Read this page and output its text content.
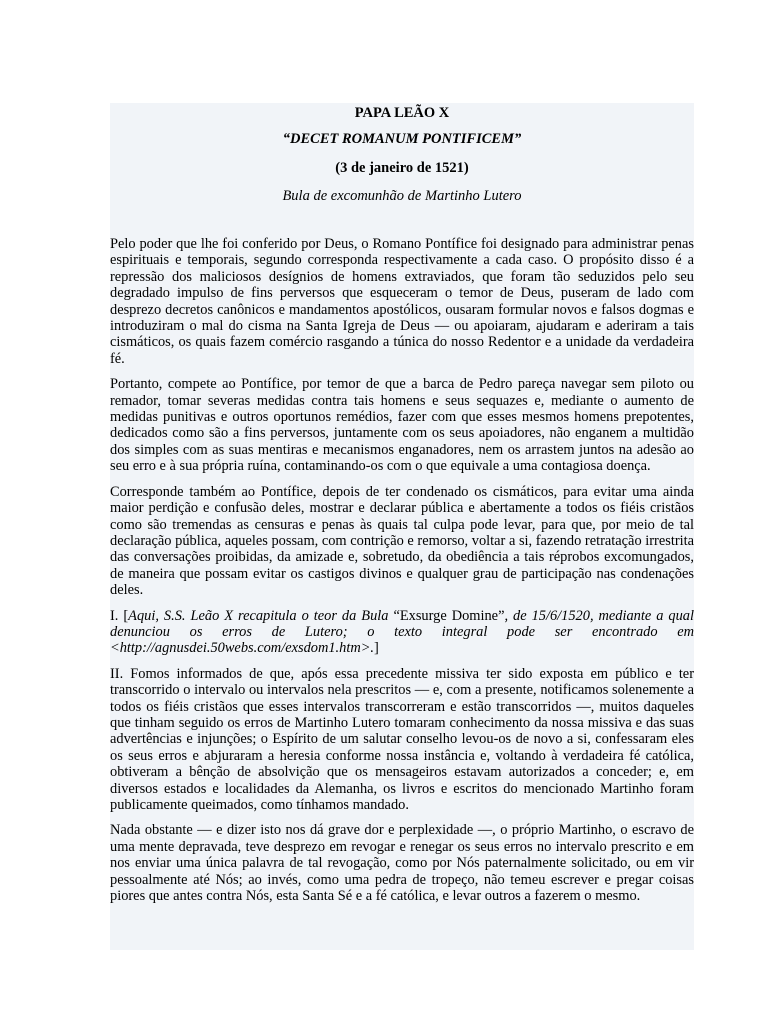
PAPA LEÃO X

“DECET ROMANUM PONTIFICEM”

(3 de janeiro de 1521)

Bula de excomunhão de Martinho Lutero

Pelo poder que lhe foi conferido por Deus, o Romano Pontífice foi designado para administrar penas espirituais e temporais, segundo corresponda respectivamente a cada caso. O propósito disso é a repressão dos maliciosos desígnios de homens extraviados, que foram tão seduzidos pelo seu degradado impulso de fins perversos que esqueceram o temor de Deus, puseram de lado com desprezo decretos canônicos e mandamentos apostólicos, ousaram formular novos e falsos dogmas e introduziram o mal do cisma na Santa Igreja de Deus — ou apoiaram, ajudaram e aderiram a tais cismáticos, os quais fazem comércio rasgando a túnica do nosso Redentor e a unidade da verdadeira fé.

Portanto, compete ao Pontífice, por temor de que a barca de Pedro pareça navegar sem piloto ou remador, tomar severas medidas contra tais homens e seus sequazes e, mediante o aumento de medidas punitivas e outros oportunos remédios, fazer com que esses mesmos homens prepotentes, dedicados como são a fins perversos, juntamente com os seus apoiadores, não enganem a multidão dos simples com as suas mentiras e mecanismos enganadores, nem os arrastem juntos na adesão ao seu erro e à sua própria ruína, contaminando-os com o que equivale a uma contagiosa doença.

Corresponde também ao Pontífice, depois de ter condenado os cismáticos, para evitar uma ainda maior perdição e confusão deles, mostrar e declarar pública e abertamente a todos os fiéis cristãos como são tremendas as censuras e penas às quais tal culpa pode levar, para que, por meio de tal declaração pública, aqueles possam, com contrição e remorso, voltar a si, fazendo retratação irrestrita das conversações proibidas, da amizade e, sobretudo, da obediência a tais réprobos excomungados, de maneira que possam evitar os castigos divinos e qualquer grau de participação nas condenações deles.

I. [Aqui, S.S. Leão X recapitula o teor da Bula “Exsurge Domine”, de 15/6/1520, mediante a qual denunciou os erros de Lutero; o texto integral pode ser encontrado em <http://agnusdei.50webs.com/exsdom1.htm>.]

II. Fomos informados de que, após essa precedente missiva ter sido exposta em público e ter transcorrido o intervalo ou intervalos nela prescritos — e, com a presente, notificamos solenemente a todos os fiéis cristãos que esses intervalos transcorreram e estão transcorridos —, muitos daqueles que tinham seguido os erros de Martinho Lutero tomaram conhecimento da nossa missiva e das suas advertências e injunções; o Espírito de um salutar conselho levou-os de novo a si, confessaram eles os seus erros e abjuraram a heresia conforme nossa instância e, voltando à verdadeira fé católica, obtiveram a bênção de absolvição que os mensageiros estavam autorizados a conceder; e, em diversos estados e localidades da Alemanha, os livros e escritos do mencionado Martinho foram publicamente queimados, como tínhamos mandado.

Nada obstante — e dizer isto nos dá grave dor e perplexidade —, o próprio Martinho, o escravo de uma mente depravada, teve desprezo em revogar e renegar os seus erros no intervalo prescrito e em nos enviar uma única palavra de tal revogação, como por Nós paternalmente solicitado, ou em vir pessoalmente até Nós; ao invés, como uma pedra de tropeço, não temeu escrever e pregar coisas piores que antes contra Nós, esta Santa Sé e a fé católica, e levar outros a fazerem o mesmo.
